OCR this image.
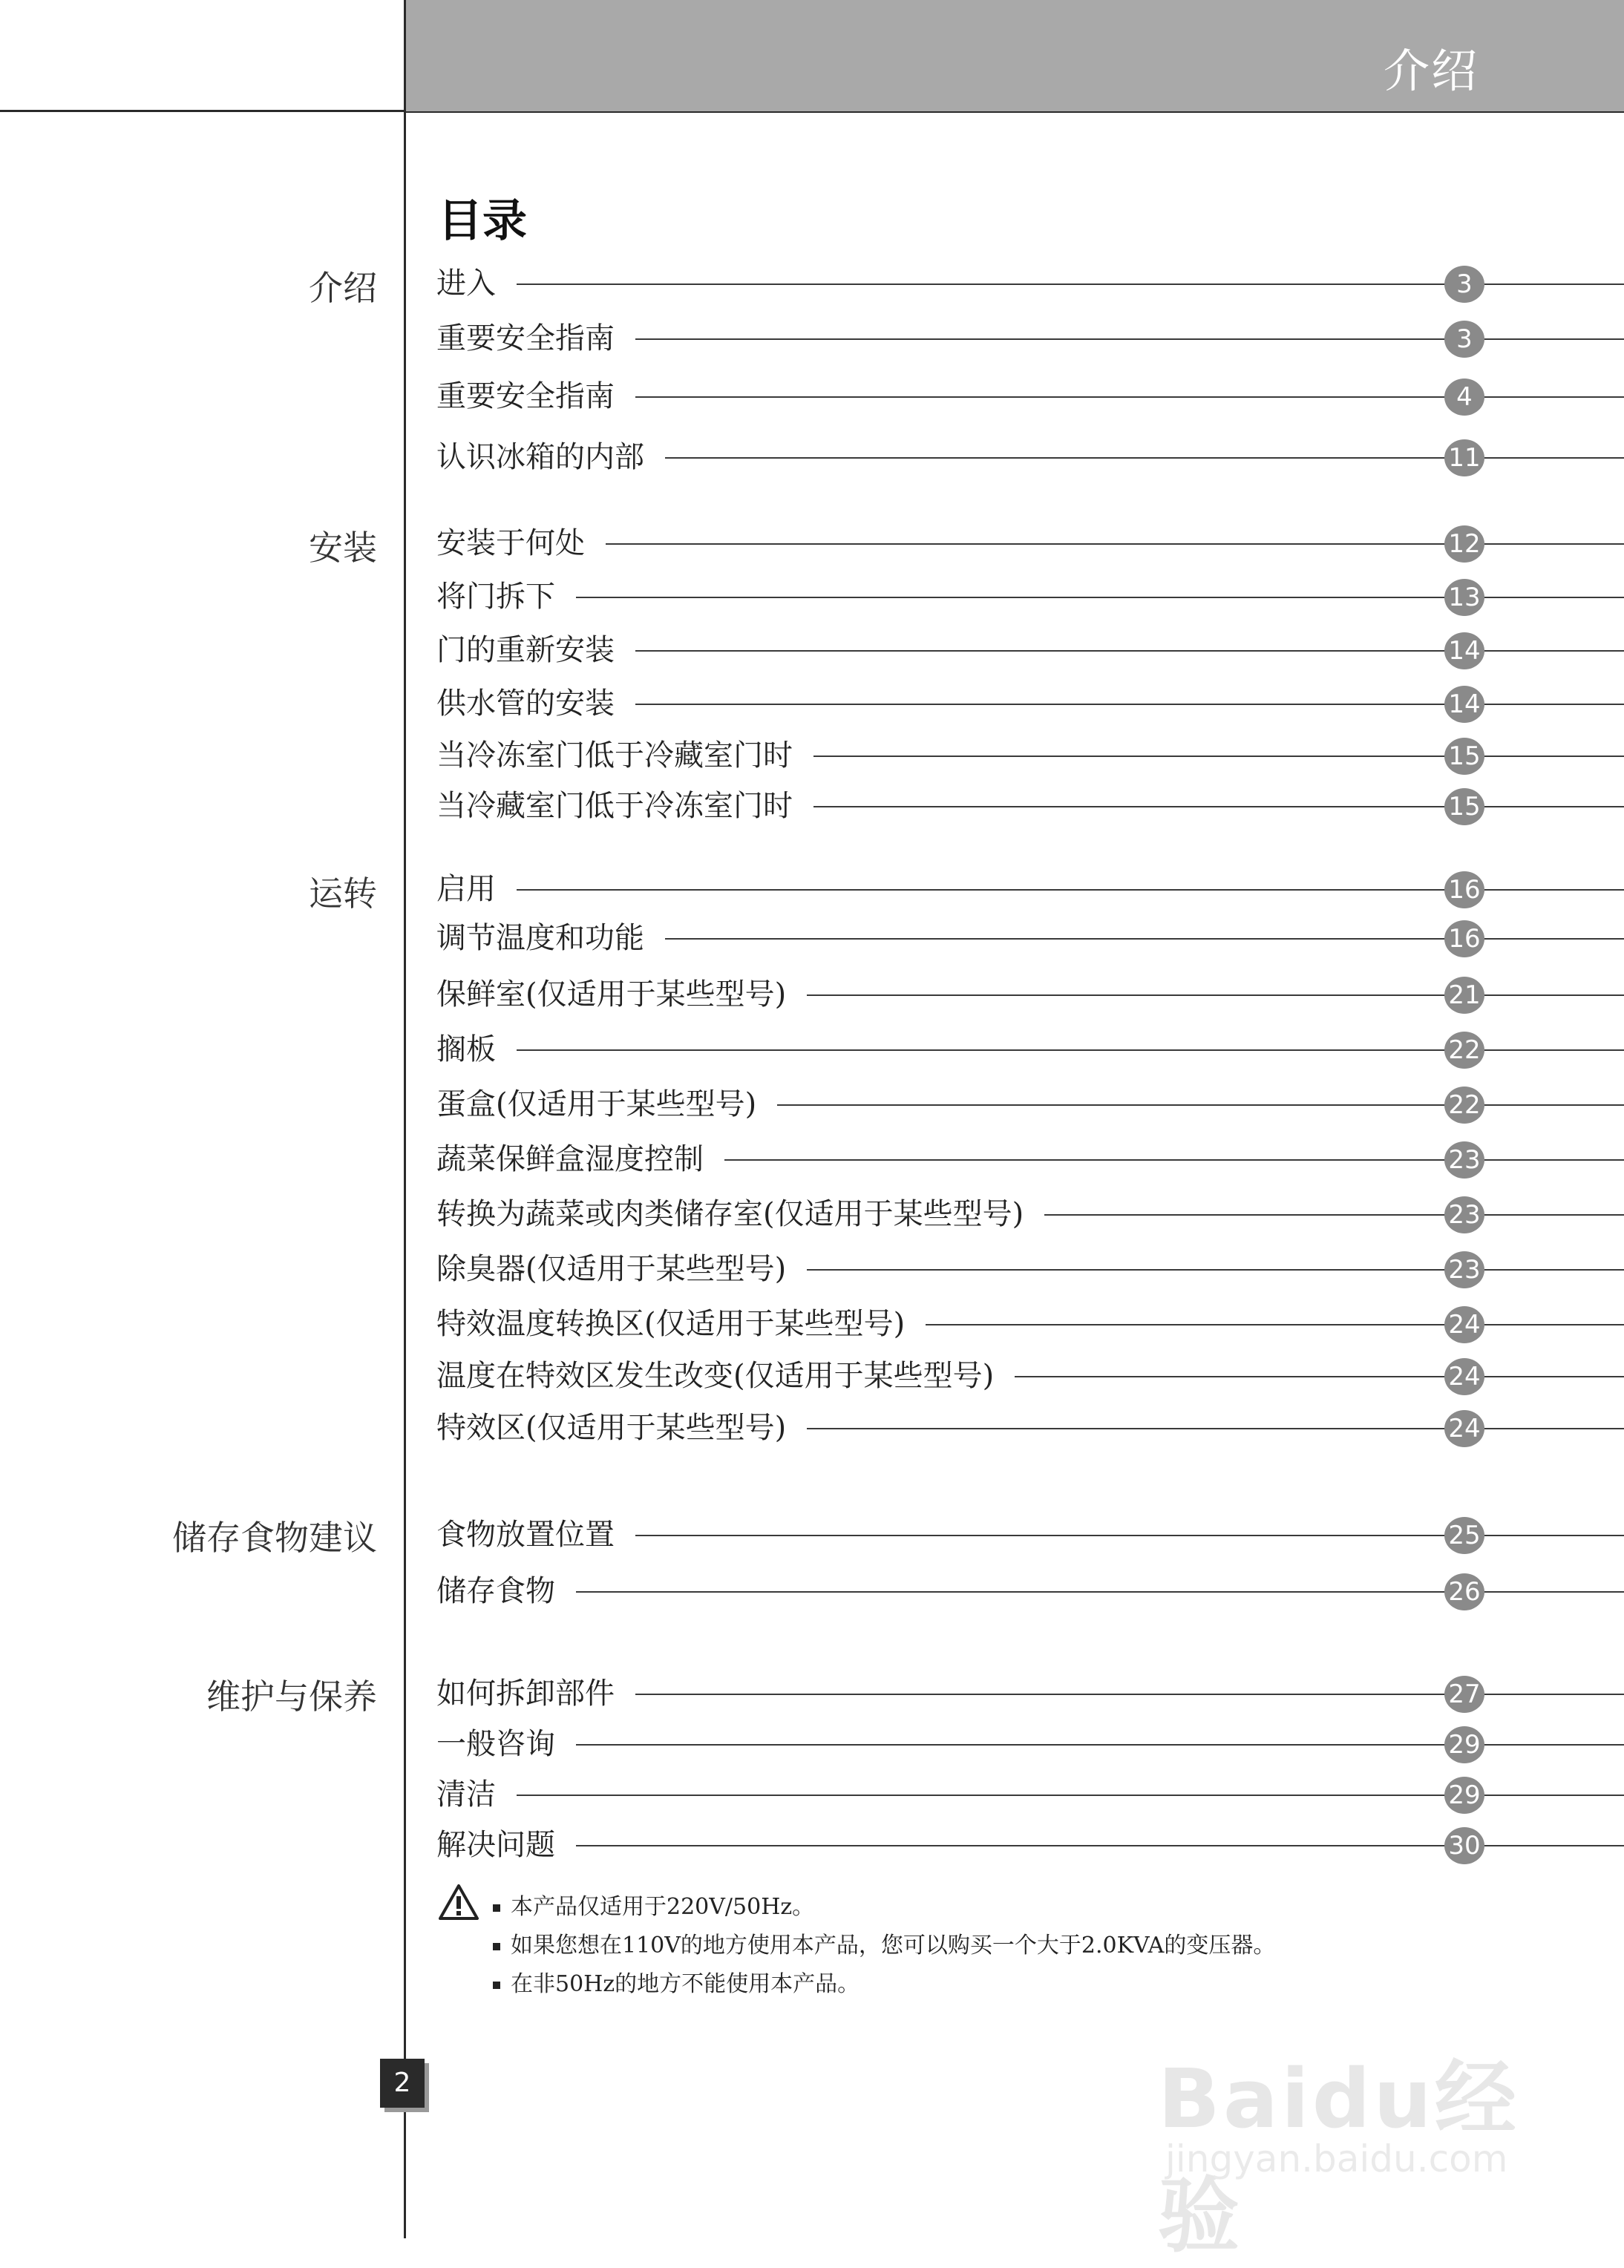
介绍
目录
介绍
安装
运转
储存食物建议
维护与保养
进入	3
重要安全指南	3
重要安全指南	4
认识冰箱的内部	11
安装于何处	12
将门拆下	13
门的重新安装	14
供水管的安装	14
当冷冻室门低于冷藏室门时	15
当冷藏室门低于冷冻室门时	15
启用	16
调节温度和功能	16
保鲜室(仅适用于某些型号)	21
搁板	22
蛋盒(仅适用于某些型号)	22
蔬菜保鲜盒湿度控制	23
转换为蔬菜或肉类储存室(仅适用于某些型号)	23
除臭器(仅适用于某些型号)	23
特效温度转换区(仅适用于某些型号)	24
温度在特效区发生改变(仅适用于某些型号)	24
特效区(仅适用于某些型号)	24
食物放置位置	25
储存食物	26
如何拆卸部件	27
一般咨询	29
清洁	29
解决问题	30
本产品仅适用于220V/50Hz。
如果您想在110V的地方使用本产品，您可以购买一个大于2.0KVA的变压器。
在非50Hz的地方不能使用本产品。
2	Baidu经验
jingyan.baidu.com
